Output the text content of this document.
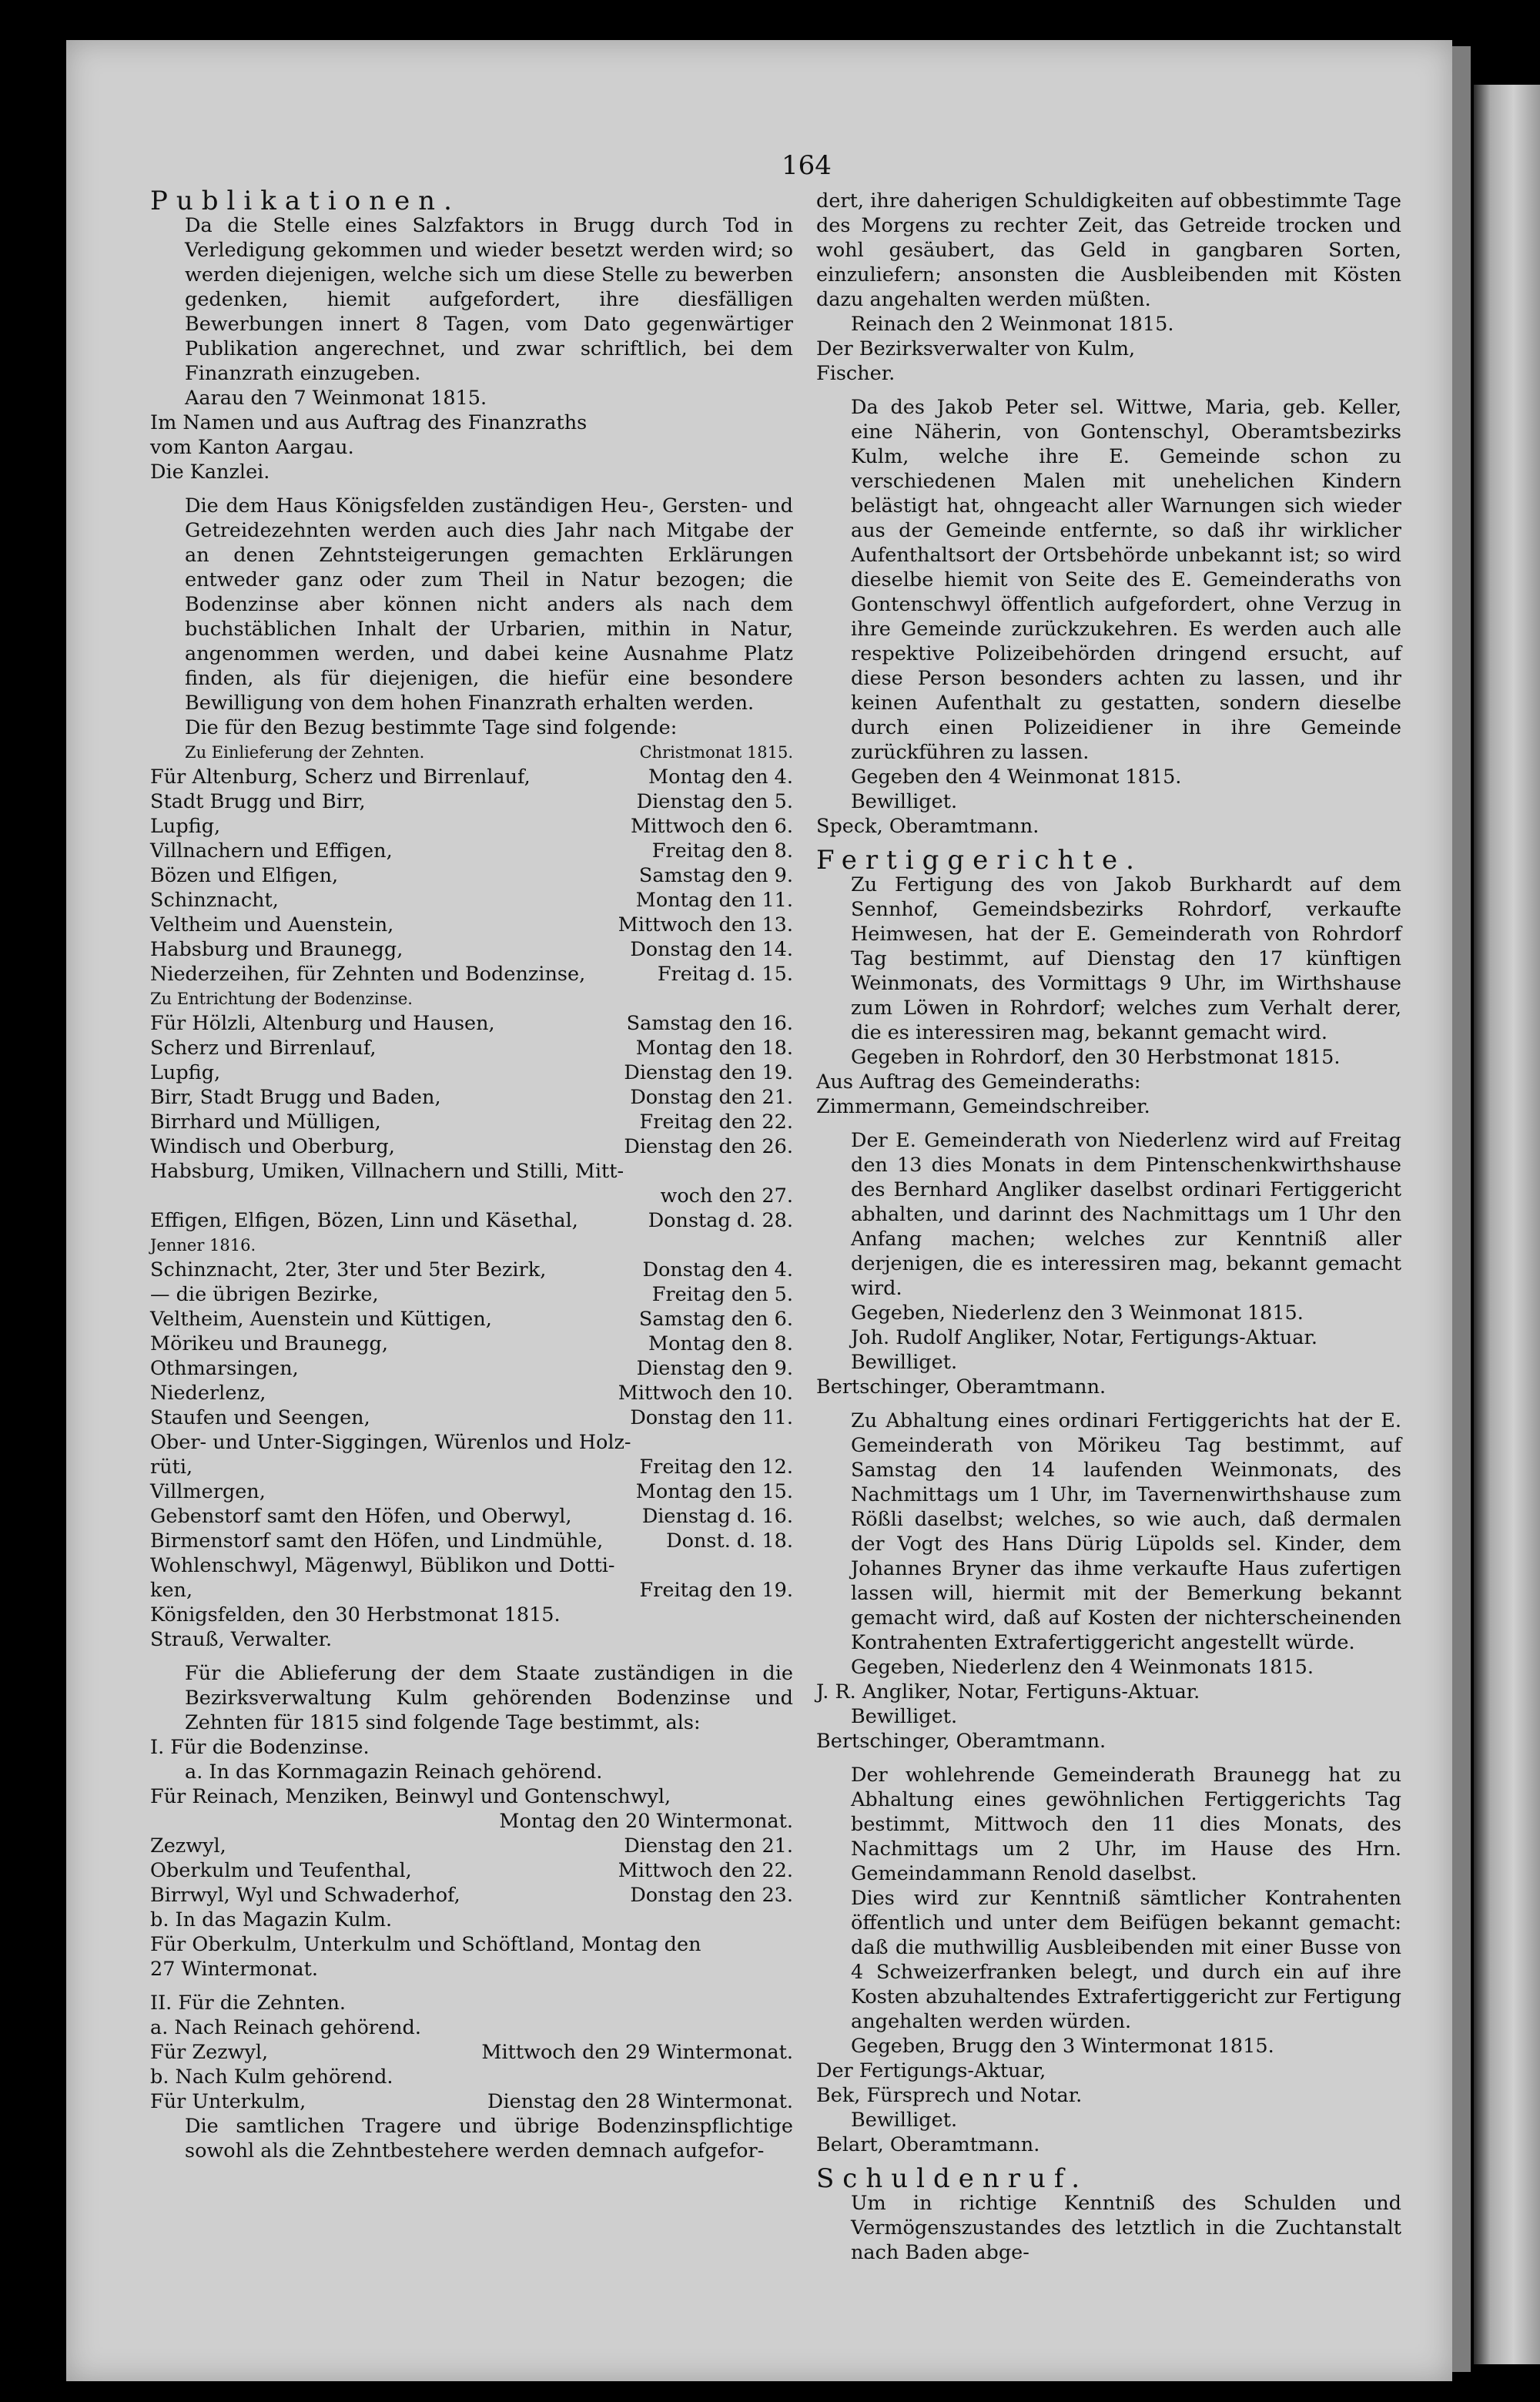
164

Publikationen.

Da die Stelle eines Salzfaktors in Brugg durch Tod in Verledigung gekommen und wieder besetzt werden wird; so werden diejenigen, welche sich um diese Stelle zu bewerben gedenken, hiemit aufgefordert, ihre diesfälligen Bewerbungen innert 8 Tagen, vom Dato gegenwärtiger Publikation angerechnet, und zwar schriftlich, bei dem Finanzrath einzugeben.

Aarau den 7 Weinmonat 1815.

Im Namen und aus Auftrag des Finanzraths

vom Kanton Aargau.

Die Kanzlei.

Die dem Haus Königsfelden zuständigen Heu-, Gersten- und Getreidezehnten werden auch dies Jahr nach Mitgabe der an denen Zehntsteigerungen gemachten Erklärungen entweder ganz oder zum Theil in Natur bezogen; die Bodenzinse aber können nicht anders als nach dem buchstäblichen Inhalt der Urbarien, mithin in Natur, angenommen werden, und dabei keine Ausnahme Platz finden, als für diejenigen, die hiefür eine besondere Bewilligung von dem hohen Finanzrath erhalten werden.

Die für den Bezug bestimmte Tage sind folgende:

Zu Einlieferung der Zehnten.	Christmonat 1815.
Für Altenburg, Scherz und Birrenlauf,	Montag den 4.
Stadt Brugg und Birr,	Dienstag den 5.
Lupfig,	Mittwoch den 6.
Villnachern und Effigen,	Freitag den 8.
Bözen und Elfigen,	Samstag den 9.
Schinznacht,	Montag den 11.
Veltheim und Auenstein,	Mittwoch den 13.
Habsburg und Braunegg,	Donstag den 14.
Niederzeihen, für Zehnten und Bodenzinse,	Freitag d. 15.

Zu Entrichtung der Bodenzinse.

Für Hölzli, Altenburg und Hausen,	Samstag den 16.
Scherz und Birrenlauf,	Montag den 18.
Lupfig,	Dienstag den 19.
Birr, Stadt Brugg und Baden,	Donstag den 21.
Birrhard und Mülligen,	Freitag den 22.
Windisch und Oberburg,	Dienstag den 26.
Habsburg, Umiken, Villnachern und Stilli, Mitt-
woch den 27.
Effigen, Elfigen, Bözen, Linn und Käsethal,	Donstag d. 28.

Jenner 1816.

Schinznacht, 2ter, 3ter und 5ter Bezirk,	Donstag den 4.
— die übrigen Bezirke,	Freitag den 5.
Veltheim, Auenstein und Küttigen,	Samstag den 6.
Mörikeu und Braunegg,	Montag den 8.
Othmarsingen,	Dienstag den 9.
Niederlenz,	Mittwoch den 10.
Staufen und Seengen,	Donstag den 11.
Ober- und Unter-Siggingen, Würenlos und Holz-
rüti,	Freitag den 12.
Villmergen,	Montag den 15.
Gebenstorf samt den Höfen, und Oberwyl,	Dienstag d. 16.
Birmenstorf samt den Höfen, und Lindmühle,	Donst. d. 18.
Wohlenschwyl, Mägenwyl, Büblikon und Dotti-
ken,	Freitag den 19.

Königsfelden, den 30 Herbstmonat 1815.

Strauß, Verwalter.

Für die Ablieferung der dem Staate zuständigen in die Bezirksverwaltung Kulm gehörenden Bodenzinse und Zehnten für 1815 sind folgende Tage bestimmt, als:

I. Für die Bodenzinse.

a. In das Kornmagazin Reinach gehörend.

Für Reinach, Menziken, Beinwyl und Gontenschwyl,
Montag den 20 Wintermonat.
Zezwyl,	Dienstag den 21.
Oberkulm und Teufenthal,	Mittwoch den 22.
Birrwyl, Wyl und Schwaderhof,	Donstag den 23.

b. In das Magazin Kulm.

Für Oberkulm, Unterkulm und Schöftland, Montag den

27 Wintermonat.

II. Für die Zehnten.

a. Nach Reinach gehörend.

Für Zezwyl,	Mittwoch den 29 Wintermonat.

b. Nach Kulm gehörend.

Für Unterkulm,	Dienstag den 28 Wintermonat.

Die samtlichen Tragere und übrige Bodenzinspflichtige sowohl als die Zehntbestehere werden demnach aufgefor-

dert, ihre daherigen Schuldigkeiten auf obbestimmte Tage des Morgens zu rechter Zeit, das Getreide trocken und wohl gesäubert, das Geld in gangbaren Sorten, einzuliefern; ansonsten die Ausbleibenden mit Kösten dazu angehalten werden müßten.

Reinach den 2 Weinmonat 1815.

Der Bezirksverwalter von Kulm,

Fischer.

Da des Jakob Peter sel. Wittwe, Maria, geb. Keller, eine Näherin, von Gontenschyl, Oberamtsbezirks Kulm, welche ihre E. Gemeinde schon zu verschiedenen Malen mit unehelichen Kindern belästigt hat, ohngeacht aller Warnungen sich wieder aus der Gemeinde entfernte, so daß ihr wirklicher Aufenthaltsort der Ortsbehörde unbekannt ist; so wird dieselbe hiemit von Seite des E. Gemeinderaths von Gontenschwyl öffentlich aufgefordert, ohne Verzug in ihre Gemeinde zurückzukehren. Es werden auch alle respektive Polizeibehörden dringend ersucht, auf diese Person besonders achten zu lassen, und ihr keinen Aufenthalt zu gestatten, sondern dieselbe durch einen Polizeidiener in ihre Gemeinde zurückführen zu lassen.

Gegeben den 4 Weinmonat 1815.

Bewilliget.

Speck, Oberamtmann.

Fertiggerichte.

Zu Fertigung des von Jakob Burkhardt auf dem Sennhof, Gemeindsbezirks Rohrdorf, verkaufte Heimwesen, hat der E. Gemeinderath von Rohrdorf Tag bestimmt, auf Dienstag den 17 künftigen Weinmonats, des Vormittags 9 Uhr, im Wirthshause zum Löwen in Rohrdorf; welches zum Verhalt derer, die es interessiren mag, bekannt gemacht wird.

Gegeben in Rohrdorf, den 30 Herbstmonat 1815.

Aus Auftrag des Gemeinderaths:

Zimmermann, Gemeindschreiber.

Der E. Gemeinderath von Niederlenz wird auf Freitag den 13 dies Monats in dem Pintenschenkwirthshause des Bernhard Angliker daselbst ordinari Fertiggericht abhalten, und darinnt des Nachmittags um 1 Uhr den Anfang machen; welches zur Kenntniß aller derjenigen, die es interessiren mag, bekannt gemacht wird.

Gegeben, Niederlenz den 3 Weinmonat 1815.

Joh. Rudolf Angliker, Notar, Fertigungs-Aktuar.

Bewilliget.

Bertschinger, Oberamtmann.

Zu Abhaltung eines ordinari Fertiggerichts hat der E. Gemeinderath von Mörikeu Tag bestimmt, auf Samstag den 14 laufenden Weinmonats, des Nachmittags um 1 Uhr, im Tavernenwirthshause zum Rößli daselbst; welches, so wie auch, daß dermalen der Vogt des Hans Dürig Lüpolds sel. Kinder, dem Johannes Bryner das ihme verkaufte Haus zufertigen lassen will, hiermit mit der Bemerkung bekannt gemacht wird, daß auf Kosten der nichterscheinenden Kontrahenten Extrafertiggericht angestellt würde.

Gegeben, Niederlenz den 4 Weinmonats 1815.

J. R. Angliker, Notar, Fertiguns-Aktuar.

Bewilliget.

Bertschinger, Oberamtmann.

Der wohlehrende Gemeinderath Braunegg hat zu Abhaltung eines gewöhnlichen Fertiggerichts Tag bestimmt, Mittwoch den 11 dies Monats, des Nachmittags um 2 Uhr, im Hause des Hrn. Gemeindammann Renold daselbst.

Dies wird zur Kenntniß sämtlicher Kontrahenten öffentlich und unter dem Beifügen bekannt gemacht: daß die muthwillig Ausbleibenden mit einer Busse von 4 Schweizerfranken belegt, und durch ein auf ihre Kosten abzuhaltendes Extrafertiggericht zur Fertigung angehalten werden würden.

Gegeben, Brugg den 3 Wintermonat 1815.

Der Fertigungs-Aktuar,

Bek, Fürsprech und Notar.

Bewilliget.

Belart, Oberamtmann.

Schuldenruf.

Um in richtige Kenntniß des Schulden und Vermögenszustandes des letztlich in die Zuchtanstalt nach Baden abge-
